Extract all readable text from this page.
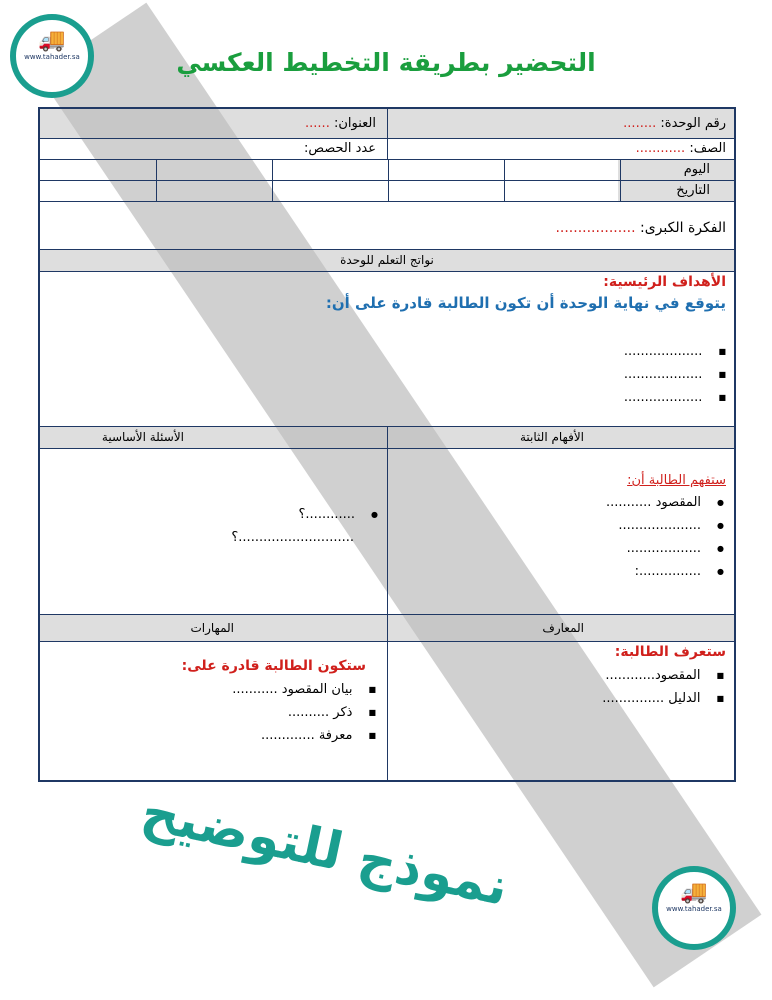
🚚
www.tahader.sa
🚚
www.tahader.sa
التحضير بطريقة التخطيط العكسي
رقم الوحدة: ........
العنوان: ......
الصف: ............
عدد الحصص:
اليوم
التاريخ
الفكرة الكبرى: ..................
نواتج التعلم للوحدة
الأهداف الرئيسية:
يتوقع في نهاية الوحدة أن تكون الطالبة قادرة على أن:
■ ...................
■ ...................
■ ...................
الأفهام الثابتة
الأسئلة الأساسية
ستفهم الطالبة أن:
● المقصود ...........
● ....................
● ..................
● ...............:
● ............؟
............................؟
المعارف
المهارات
ستعرف الطالبة:
■ المقصود............
■ الدليل ...............
ستكون الطالبة قادرة على:
■ بيان المقصود ...........
■ ذكر ..........
■ معرفة .............
نموذج للتوضيح
